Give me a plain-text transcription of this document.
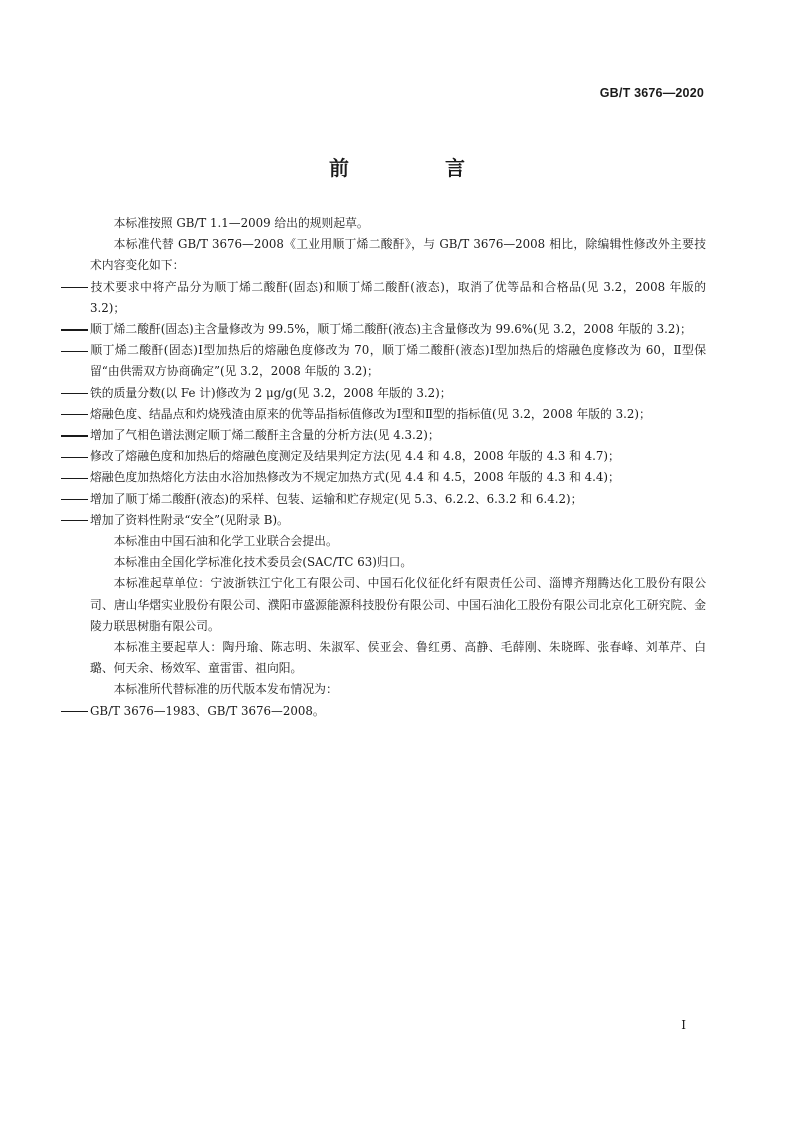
GB/T 3676—2020
前　言

本标准按照 GB/T 1.1—2009 给出的规则起草。

本标准代替 GB/T 3676—2008《工业用顺丁烯二酸酐》，与 GB/T 3676—2008 相比，除编辑性修改外主要技术内容变化如下：

技术要求中将产品分为顺丁烯二酸酐(固态)和顺丁烯二酸酐(液态)，取消了优等品和合格品(见 3.2，2008 年版的 3.2)；

顺丁烯二酸酐(固态)主含量修改为 99.5%，顺丁烯二酸酐(液态)主含量修改为 99.6%(见 3.2，2008 年版的 3.2)；

顺丁烯二酸酐(固态)Ⅰ型加热后的熔融色度修改为 70，顺丁烯二酸酐(液态)Ⅰ型加热后的熔融色度修改为 60，Ⅱ型保留“由供需双方协商确定”(见 3.2，2008 年版的 3.2)；

铁的质量分数(以 Fe 计)修改为 2 μg/g(见 3.2，2008 年版的 3.2)；

熔融色度、结晶点和灼烧残渣由原来的优等品指标值修改为Ⅰ型和Ⅱ型的指标值(见 3.2，2008 年版的 3.2)；

增加了气相色谱法测定顺丁烯二酸酐主含量的分析方法(见 4.3.2)；

修改了熔融色度和加热后的熔融色度测定及结果判定方法(见 4.4 和 4.8，2008 年版的 4.3 和 4.7)；

熔融色度加热熔化方法由水浴加热修改为不规定加热方式(见 4.4 和 4.5，2008 年版的 4.3 和 4.4)；

增加了顺丁烯二酸酐(液态)的采样、包装、运输和贮存规定(见 5.3、6.2.2、6.3.2 和 6.4.2)；

增加了资料性附录“安全”(见附录 B)。

本标准由中国石油和化学工业联合会提出。

本标准由全国化学标准化技术委员会(SAC/TC 63)归口。

本标准起草单位：宁波浙铁江宁化工有限公司、中国石化仪征化纤有限责任公司、淄博齐翔腾达化工股份有限公司、唐山华熠实业股份有限公司、濮阳市盛源能源科技股份有限公司、中国石油化工股份有限公司北京化工研究院、金陵力联思树脂有限公司。

本标准主要起草人：陶丹瑜、陈志明、朱淑军、侯亚会、鲁红勇、高静、毛薛刚、朱晓晖、张春峰、刘革芹、白璐、何天余、杨效军、童雷雷、祖向阳。

本标准所代替标准的历代版本发布情况为：

GB/T 3676—1983、GB/T 3676—2008。

Ⅰ
